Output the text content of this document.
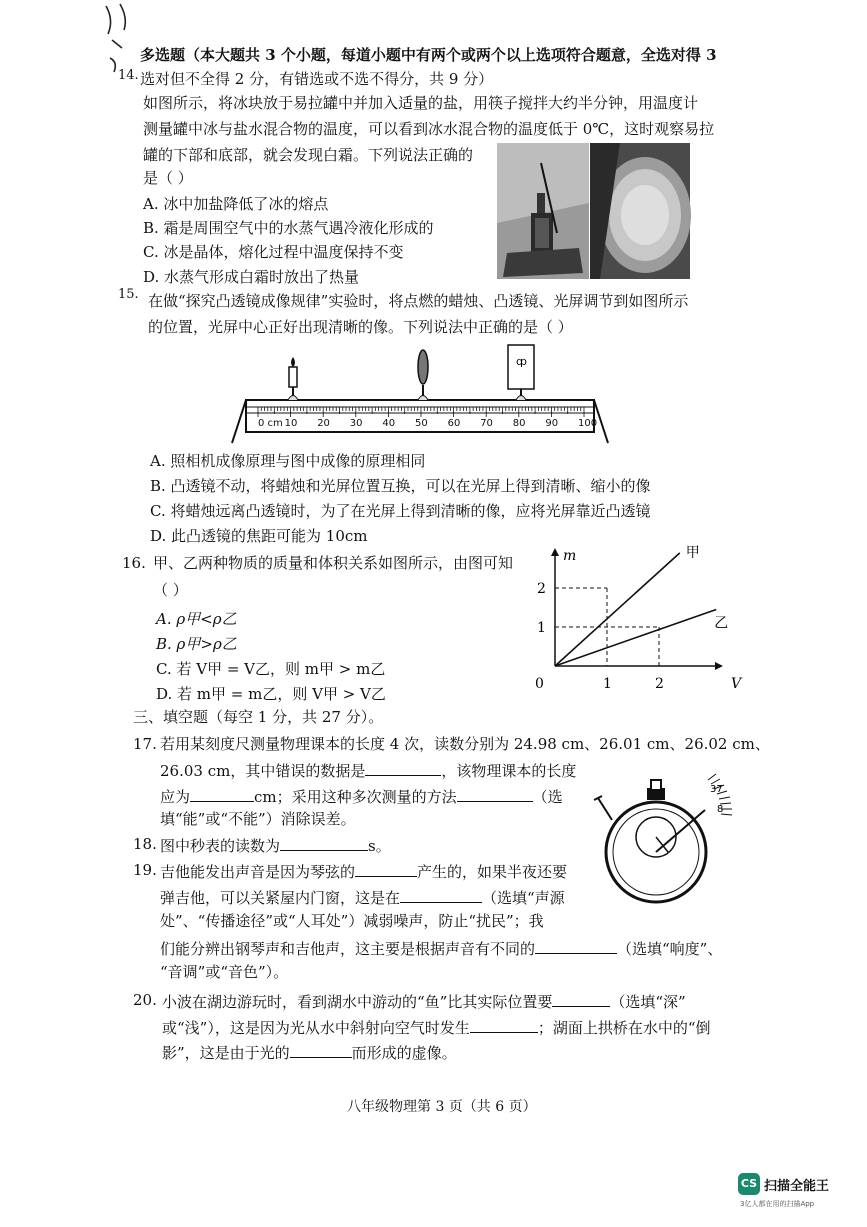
多选题（本大题共 3 个小题，每道小题中有两个或两个以上选项符合题意，全选对得 3
选对但不全得 2 分，有错选或不选不得分，共 9 分）
14.
如图所示，将冰块放于易拉罐中并加入适量的盐，用筷子搅拌大约半分钟，用温度计
测量罐中冰与盐水混合物的温度，可以看到冰水混合物的温度低于 0℃，这时观察易拉
罐的下部和底部，就会发现白霜。下列说法正确的
是（ ）
A. 冰中加盐降低了冰的熔点
B. 霜是周围空气中的水蒸气遇冷液化形成的
C. 冰是晶体，熔化过程中温度保持不变
D. 水蒸气形成白霜时放出了热量
15. 在做“探究凸透镜成像规律”实验时，将点燃的蜡烛、凸透镜、光屏调节到如图所示
的位置，光屏中心正好出现清晰的像。下列说法中正确的是（ ）
ȹ
0 cm 10 20 30 40 50 60 70 80 90 100
A. 照相机成像原理与图中成像的原理相同
B. 凸透镜不动，将蜡烛和光屏位置互换，可以在光屏上得到清晰、缩小的像
C. 将蜡烛远离凸透镜时，为了在光屏上得到清晰的像，应将光屏靠近凸透镜
D. 此凸透镜的焦距可能为 10cm
16. 甲、乙两种物质的质量和体积关系如图所示，由图可知
（ ）
A. ρ甲<ρ乙
B. ρ甲>ρ乙
C. 若 V甲 = V乙，则 m甲 > m乙
D. 若 m甲 = m乙，则 V甲 > V乙
V
m
0	1	2
1
2
甲
乙
三、填空题（每空 1 分，共 27 分）。
17. 若用某刻度尺测量物理课本的长度 4 次，读数分别为 24.98 cm、26.01 cm、26.02 cm、
26.03 cm，其中错误的数据是	，该物理课本的长度
应为	cm；采用这种多次测量的方法	（选
填“能”或“不能”）消除误差。
18. 图中秒表的读数为	s。
37
8
19. 吉他能发出声音是因为琴弦的	产生的，如果半夜还要
弹吉他，可以关紧屋内门窗，这是在	（选填“声源
处”、“传播途径”或“人耳处”）减弱噪声，防止“扰民”；我
们能分辨出钢琴声和吉他声，这主要是根据声音有不同的	（选填“响度”、
“音调”或“音色”）。
20. 小波在湖边游玩时，看到湖水中游动的“鱼”比其实际位置要	（选填“深”
或“浅”），这是因为光从水中斜射向空气时发生	；湖面上拱桥在水中的“倒
影”，这是由于光的	而形成的虚像。
八年级物理第 3 页（共 6 页）
CS 扫描全能王
3亿人都在用的扫描App
